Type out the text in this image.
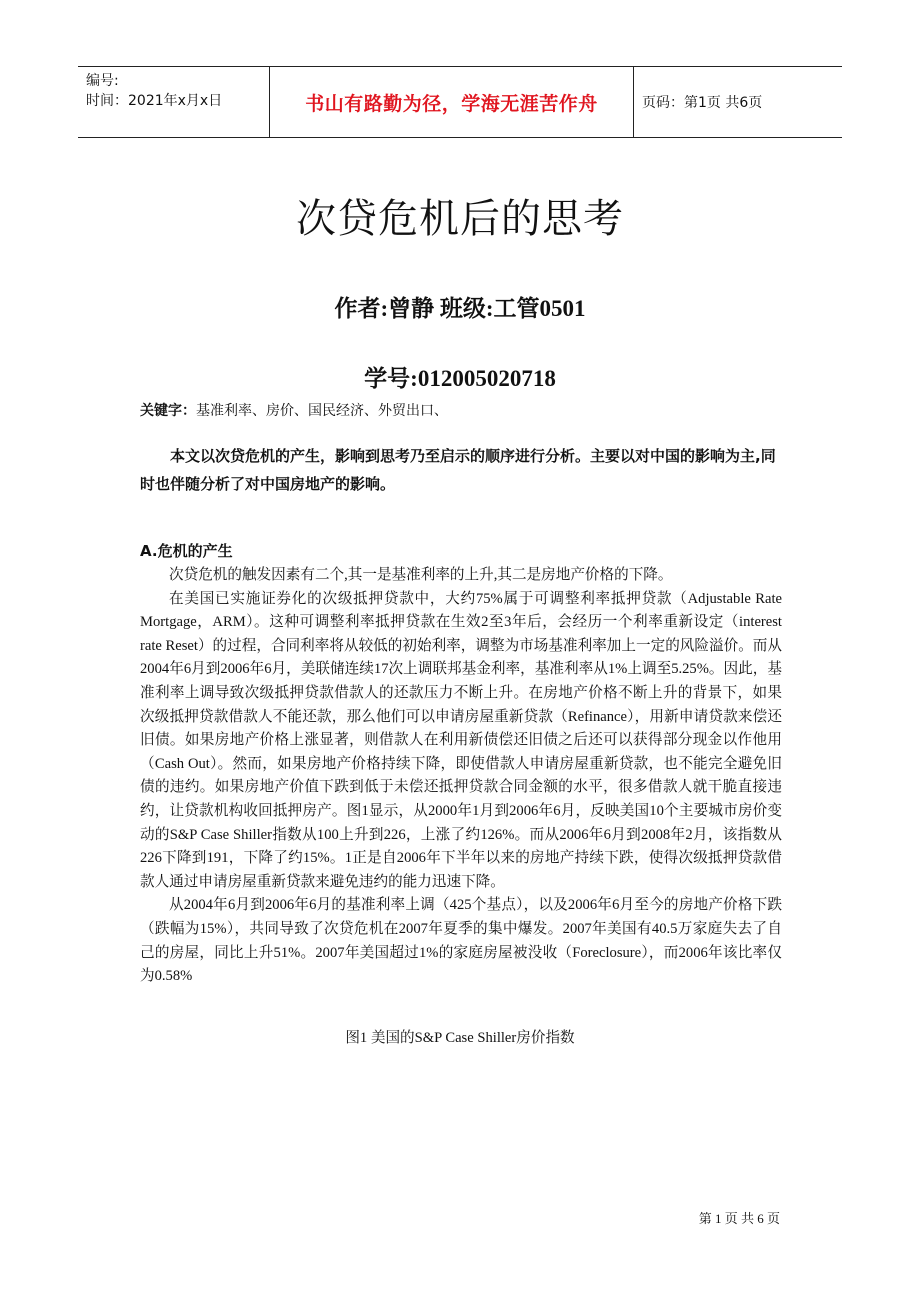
编号:
时间：2021年x月x日	书山有路勤为径，学海无涯苦作舟	页码：第1页 共6页
次贷危机后的思考
作者:曾静 班级:工管0501
学号:012005020718
关键字：基准利率、房价、国民经济、外贸出口、
本文以次贷危机的产生，影响到思考乃至启示的顺序进行分析。主要以对中国的影响为主,同时也伴随分析了对中国房地产的影响。
A.危机的产生

次贷危机的触发因素有二个,其一是基准利率的上升,其二是房地产价格的下降。

在美国已实施证券化的次级抵押贷款中，大约75%属于可调整利率抵押贷款（Adjustable Rate Mortgage，ARM）。这种可调整利率抵押贷款在生效2至3年后，会经历一个利率重新设定（interest rate Reset）的过程，合同利率将从较低的初始利率，调整为市场基准利率加上一定的风险溢价。而从2004年6月到2006年6月，美联储连续17次上调联邦基金利率，基准利率从1%上调至5.25%。因此，基准利率上调导致次级抵押贷款借款人的还款压力不断上升。在房地产价格不断上升的背景下，如果次级抵押贷款借款人不能还款，那么他们可以申请房屋重新贷款（Refinance），用新申请贷款来偿还旧债。如果房地产价格上涨显著，则借款人在利用新债偿还旧债之后还可以获得部分现金以作他用（Cash Out）。然而，如果房地产价格持续下降，即使借款人申请房屋重新贷款，也不能完全避免旧债的违约。如果房地产价值下跌到低于未偿还抵押贷款合同金额的水平，很多借款人就干脆直接违约，让贷款机构收回抵押房产。图1显示，从2000年1月到2006年6月，反映美国10个主要城市房价变动的S&P Case Shiller指数从100上升到226，上涨了约126%。而从2006年6月到2008年2月，该指数从226下降到191，下降了约15%。1正是自2006年下半年以来的房地产持续下跌，使得次级抵押贷款借款人通过申请房屋重新贷款来避免违约的能力迅速下降。

从2004年6月到2006年6月的基准利率上调（425个基点），以及2006年6月至今的房地产价格下跌（跌幅为15%），共同导致了次贷危机在2007年夏季的集中爆发。2007年美国有40.5万家庭失去了自己的房屋，同比上升51%。2007年美国超过1%的家庭房屋被没收（Foreclosure），而2006年该比率仅为0.58%

图1 美国的S&P Case Shiller房价指数
第 1 页 共 6 页
